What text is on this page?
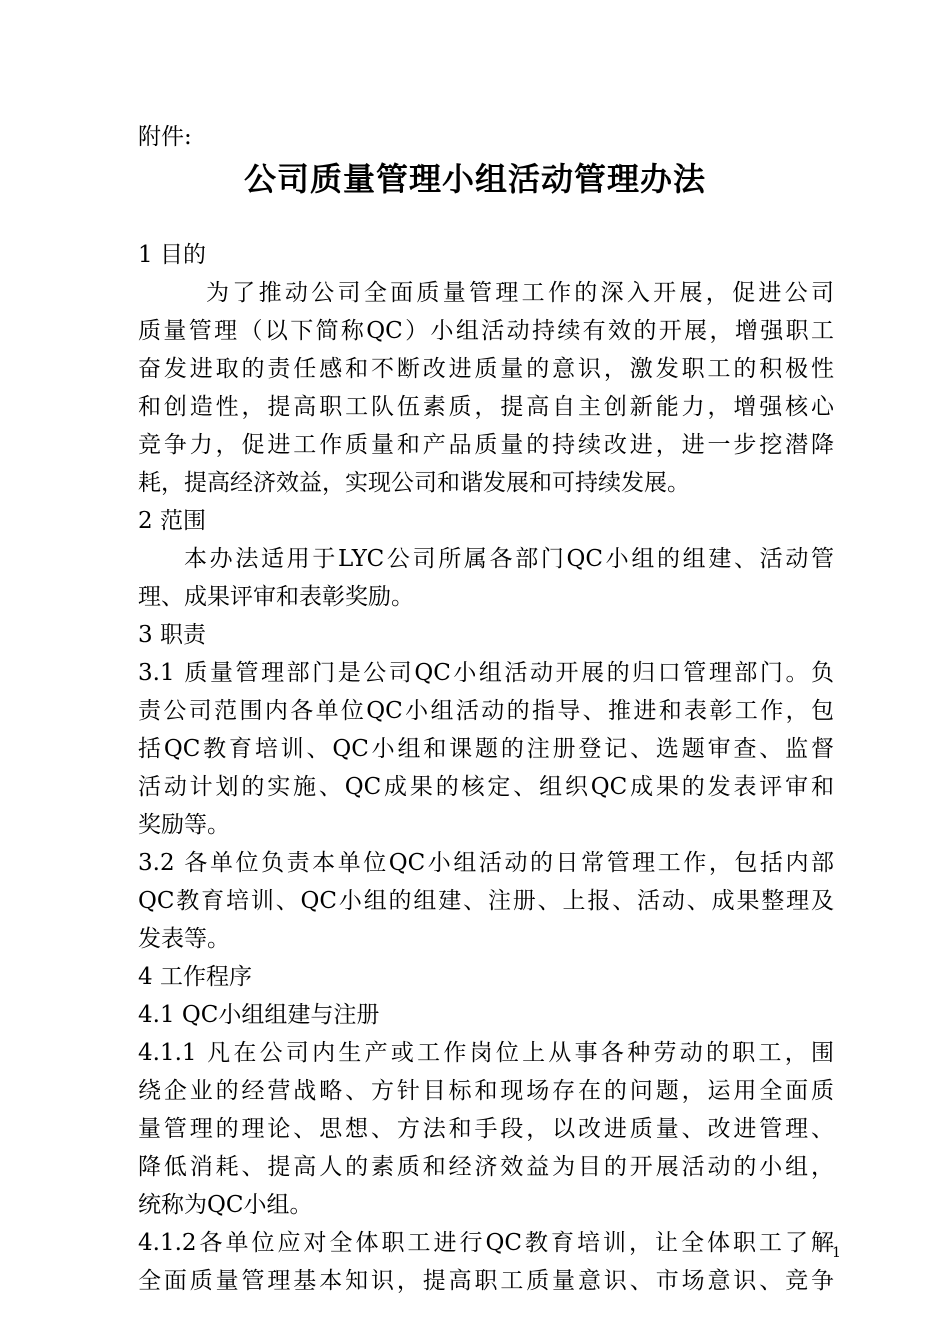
附件:
公司质量管理小组活动管理办法
1 目的
为了推动公司全面质量管理工作的深入开展，促进公司
质量管理（以下简称QC）小组活动持续有效的开展，增强职工
奋发进取的责任感和不断改进质量的意识，激发职工的积极性
和创造性，提高职工队伍素质，提高自主创新能力，增强核心
竞争力，促进工作质量和产品质量的持续改进，进一步挖潜降
耗，提高经济效益，实现公司和谐发展和可持续发展。
2 范围
本办法适用于LYC公司所属各部门QC小组的组建、活动管
理、成果评审和表彰奖励。
3 职责
3.1 质量管理部门是公司QC小组活动开展的归口管理部门。负
责公司范围内各单位QC小组活动的指导、推进和表彰工作，包
括QC教育培训、QC小组和课题的注册登记、选题审查、监督
活动计划的实施、QC成果的核定、组织QC成果的发表评审和
奖励等。
3.2 各单位负责本单位QC小组活动的日常管理工作，包括内部
QC教育培训、QC小组的组建、注册、上报、活动、成果整理及
发表等。
4 工作程序
4.1 QC小组组建与注册
4.1.1 凡在公司内生产或工作岗位上从事各种劳动的职工，围
绕企业的经营战略、方针目标和现场存在的问题，运用全面质
量管理的理论、思想、方法和手段，以改进质量、改进管理、
降低消耗、提高人的素质和经济效益为目的开展活动的小组，
统称为QC小组。
4.1.2各单位应对全体职工进行QC教育培训，让全体职工了解
全面质量管理基本知识，提高职工质量意识、市场意识、竞争
1
